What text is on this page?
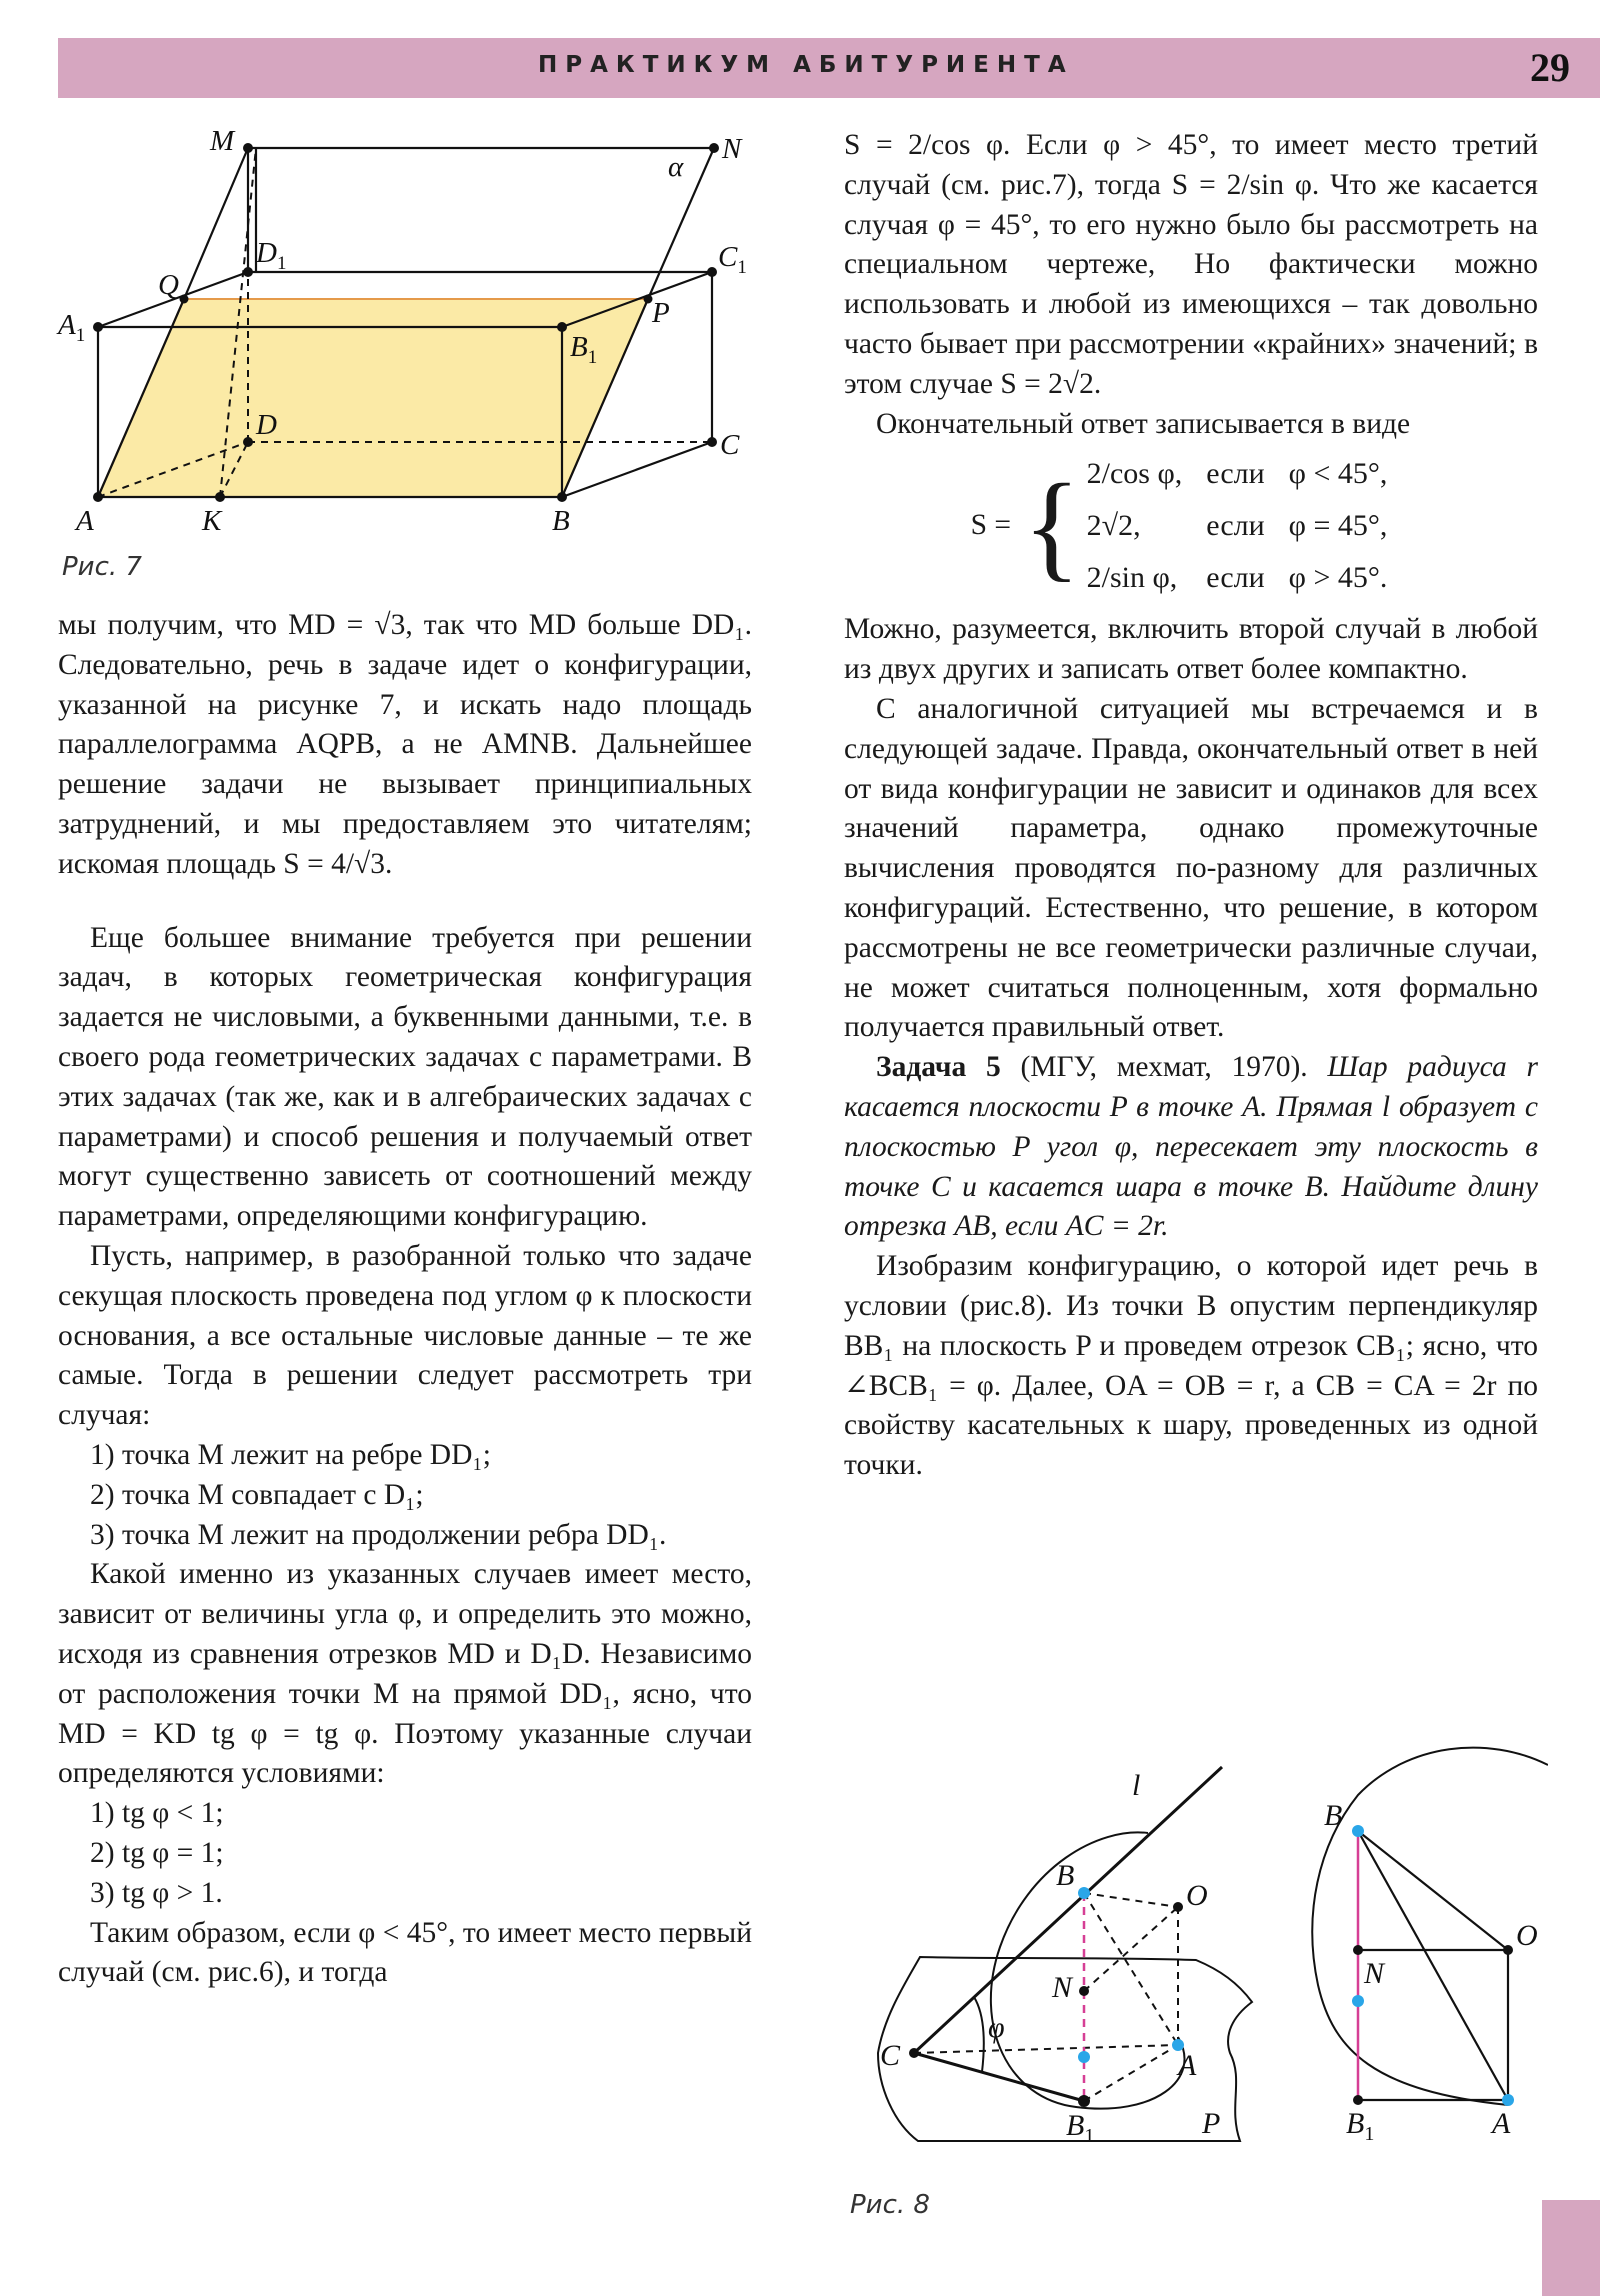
ПРАКТИКУМ АБИТУРИЕНТА	29
M	N
α
$D_1$	$C_1$
Q
P
$A_1$	$B_1$
D
C
A	K	B
Рис. 7

мы получим, что MD = √3, так что MD больше DD₁. Следовательно, речь в задаче идет о конфигурации, указанной на рисунке 7, и искать надо площадь параллелограмма AQPB, а не AMNB. Дальнейшее решение задачи не вызывает принципиальных затруднений, и мы предоставляем это читателям; искомая площадь S = 4/√3.

Еще большее внимание требуется при решении задач, в которых геометрическая конфигурация задается не числовыми, а буквенными данными, т.е. в своего рода геометрических задачах с параметрами. В этих задачах (так же, как и в алгебраических задачах с параметрами) и способ решения и получаемый ответ могут существенно зависеть от соотношений между параметрами, определяющими конфигурацию.

Пусть, например, в разобранной только что задаче секущая плоскость проведена под углом φ к плоскости основания, а все остальные числовые данные – те же самые. Тогда в решении следует рассмотреть три случая:

1) точка M лежит на ребре DD₁;
2) точка M совпадает с D₁;
3) точка M лежит на продолжении ребра DD₁.

Какой именно из указанных случаев имеет место, зависит от величины угла φ, и определить это можно, исходя из сравнения отрезков MD и D₁D. Независимо от расположения точки M на прямой DD₁, ясно, что MD = KD tg φ = tg φ. Поэтому указанные случаи определяются условиями:

1) tg φ < 1;
2) tg φ = 1;
3) tg φ > 1.

Таким образом, если φ < 45°, то имеет место первый случай (см. рис.6), и тогда

S = 2/cos φ. Если φ > 45°, то имеет место третий случай (см. рис.7), тогда S = 2/sin φ. Что же касается случая φ = 45°, то его нужно было бы рассмотреть на специальном чертеже, Но фактически можно использовать и любой из имеющихся – так довольно часто бывает при рассмотрении «крайних» значений; в этом случае S = 2√2.

Окончательный ответ записывается в виде

S = { 2/cos φ,	если	φ < 45°,
2√2,	если	φ = 45°,
2/sin φ,	если	φ > 45°.

Можно, разумеется, включить второй случай в любой из двух других и записать ответ более компактно.

С аналогичной ситуацией мы встречаемся и в следующей задаче. Правда, окончательный ответ в ней от вида конфигурации не зависит и одинаков для всех значений параметра, однако промежуточные вычисления проводятся по-разному для различных конфигураций. Естественно, что решение, в котором рассмотрены не все геометрически различные случаи, не может считаться полноценным, хотя формально получается правильный ответ.

Задача 5 (МГУ, мехмат, 1970). Шар радиуса r касается плоскости P в точке A. Прямая l образует с плоскостью P угол φ, пересекает эту плоскость в точке C и касается шара в точке B. Найдите длину отрезка AB, если AC = 2r.

Изобразим конфигурацию, о которой идет речь в условии (рис.8). Из точки B опустим перпендикуляр BB₁ на плоскость P и проведем отрезок CB₁; ясно, что ∠BCB₁ = φ. Далее, OA = OB = r, а CB = CA = 2r по свойству касательных к шару, проведенных из одной точки.

l
B
O
N
C
φ
A
$B_1$	P
B
O
N
$B_1$	A
Рис. 8
